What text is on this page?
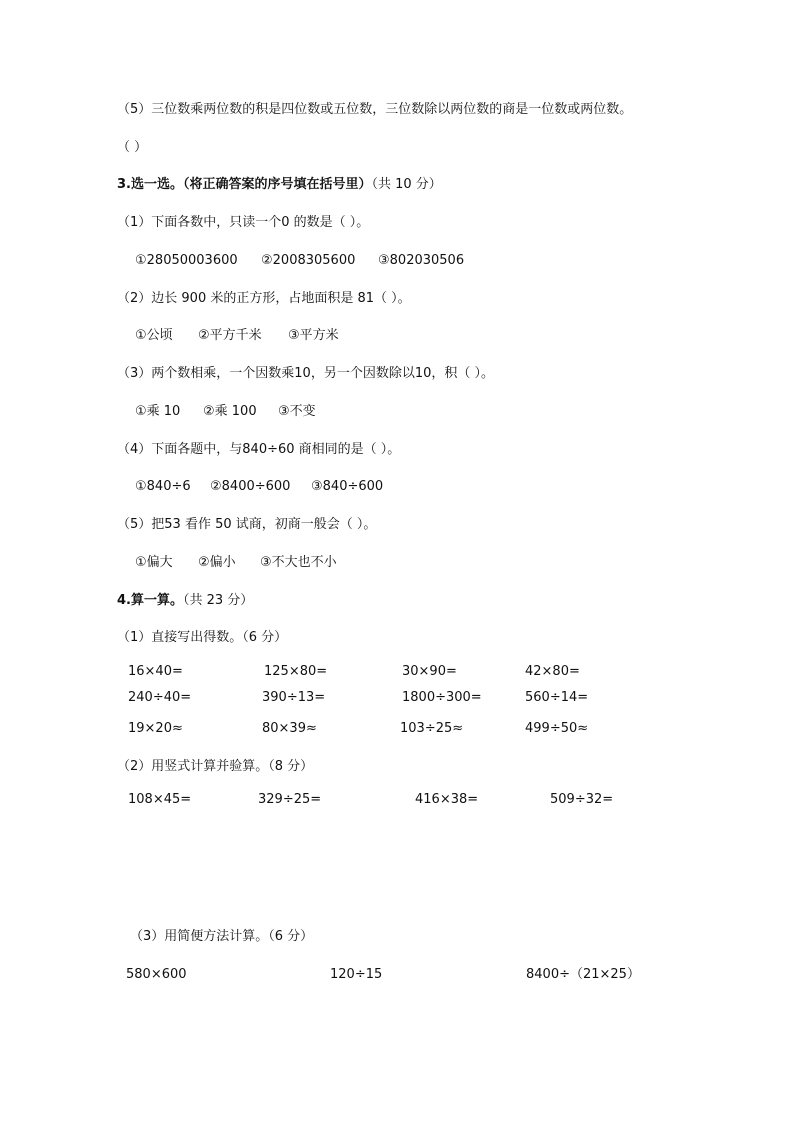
（5）三位数乘两位数的积是四位数或五位数，三位数除以两位数的商是一位数或两位数。
（ ）
3.选一选。（将正确答案的序号填在括号里）（共 10 分）
（1）下面各数中，只读一个0 的数是（ ）。
①28050003600 ②2008305600 ③802030506
（2）边长 900 米的正方形，占地面积是 81（ ）。
①公顷 ②平方千米 ③平方米
（3）两个数相乘，一个因数乘10，另一个因数除以10，积（ ）。
①乘 10 ②乘 100 ③不变
（4）下面各题中，与840÷60 商相同的是（ ）。
①840÷6 ②8400÷600 ③840÷600
（5）把53 看作 50 试商，初商一般会（ ）。
①偏大 ②偏小 ③不大也不小
4.算一算。（共 23 分）
（1）直接写出得数。（6 分）
16×40=	125×80=	30×90=	42×80=
240÷40=	390÷13=	1800÷300=	560÷14=
19×20≈	80×39≈	103÷25≈	499÷50≈
（2）用竖式计算并验算。（8 分）
108×45=	329÷25=	416×38=	509÷32=
（3）用简便方法计算。（6 分）
580×600	120÷15	8400÷（21×25）
